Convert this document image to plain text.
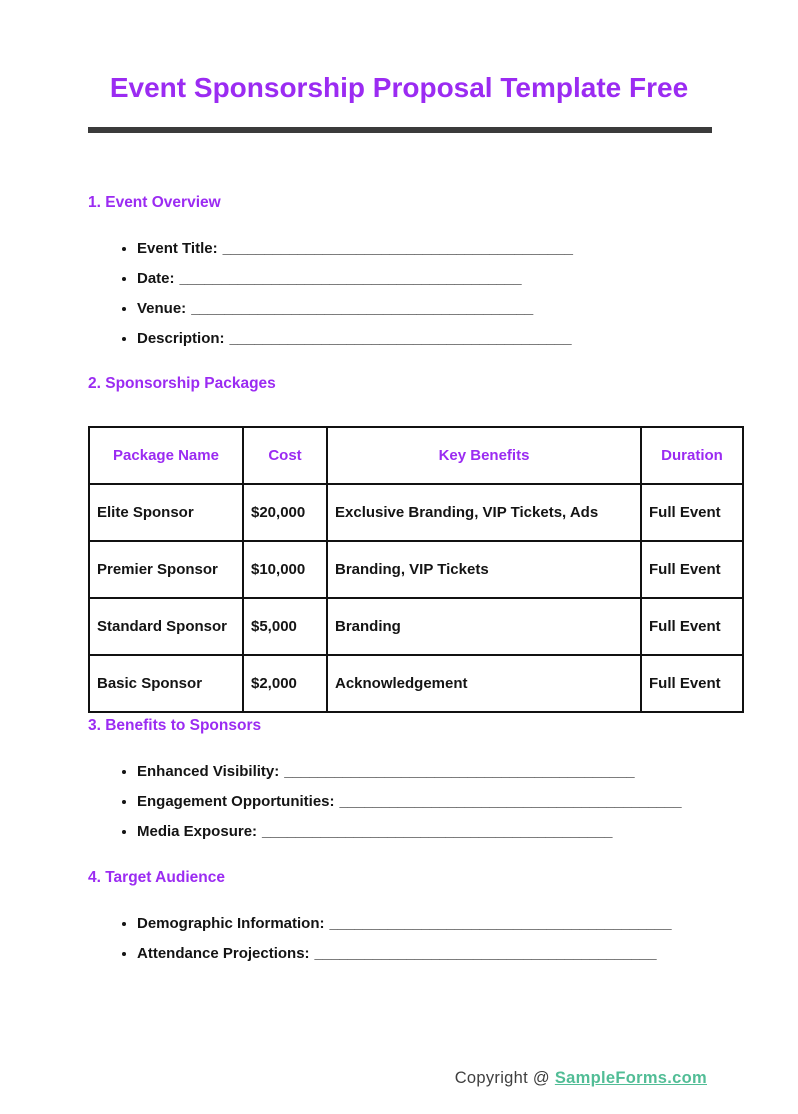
Event Sponsorship Proposal Template Free
1. Event Overview
• Event Title: __________________________________________
• Date: _________________________________________
• Venue: _________________________________________
• Description: _________________________________________
2. Sponsorship Packages
Package Name	Cost	Key Benefits	Duration
Elite Sponsor	$20,000	Exclusive Branding, VIP Tickets, Ads	Full Event
Premier Sponsor	$10,000	Branding, VIP Tickets	Full Event
Standard Sponsor	$5,000	Branding	Full Event
Basic Sponsor	$2,000	Acknowledgement	Full Event
3. Benefits to Sponsors
• Enhanced Visibility: __________________________________________
• Engagement Opportunities: _________________________________________
• Media Exposure: __________________________________________
4. Target Audience
• Demographic Information: _________________________________________
• Attendance Projections: _________________________________________
Copyright @ SampleForms.com
